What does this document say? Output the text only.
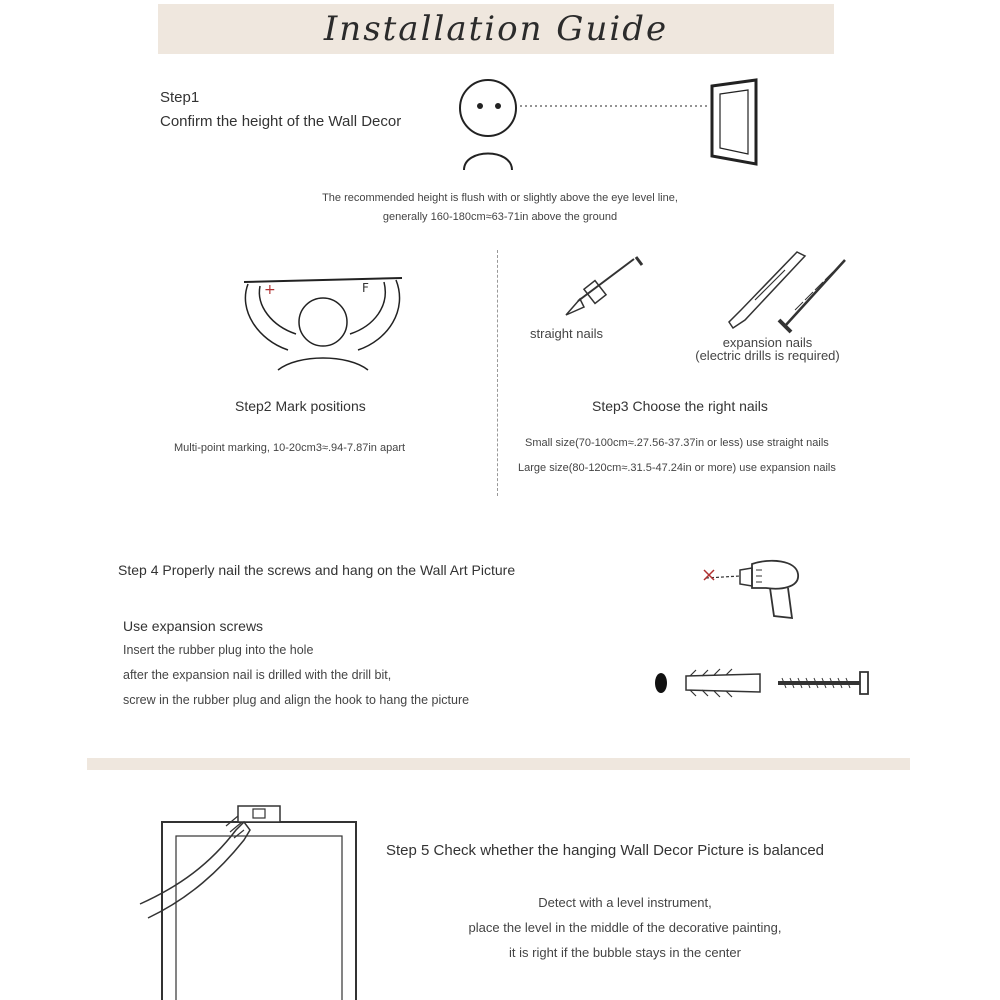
Installation Guide
Step1
Confirm the height of the Wall Decor
The recommended height is flush with or slightly above the eye level line,
generally 160-180cm≈63-71in above the ground
+	F
Step2 Mark positions
Multi-point marking, 10-20cm3≈.94-7.87in apart
straight nails
expansion nails
(electric drills is required)
Step3 Choose the right nails
Small size(70-100cm≈.27.56-37.37in or less) use straight nails
Large size(80-120cm≈.31.5-47.24in or more) use expansion nails
Step 4 Properly nail the screws and hang on the Wall Art Picture
Use expansion screws
Insert the rubber plug into the hole
after the expansion nail is drilled with the drill bit,
screw in the rubber plug and align the hook to hang the picture
Step 5 Check whether the hanging Wall Decor Picture is balanced
Detect with a level instrument,
place the level in the middle of the decorative painting,
it is right if the bubble stays in the center
